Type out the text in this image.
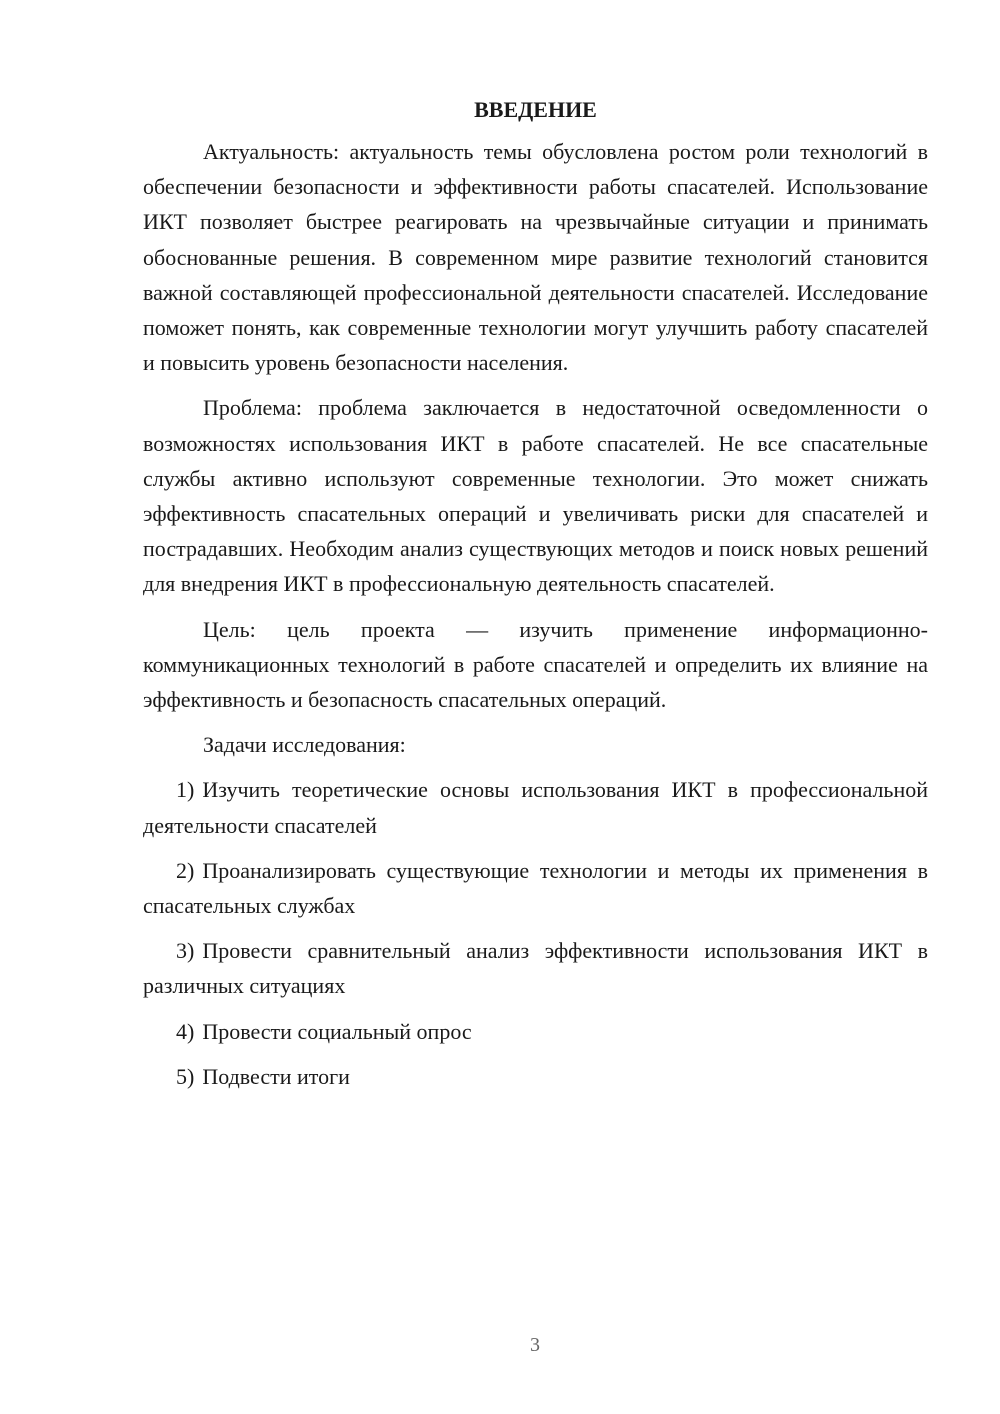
ВВЕДЕНИЕ

Актуальность: актуальность темы обусловлена ростом роли технологий в обеспечении безопасности и эффективности работы спасателей. Использование ИКТ позволяет быстрее реагировать на чрезвычайные ситуации и принимать обоснованные решения. В современном мире развитие технологий становится важной составляющей профессиональной деятельности спасателей. Исследование поможет понять, как современные технологии могут улучшить работу спасателей и повысить уровень безопасности населения.

Проблема: проблема заключается в недостаточной осведомленности о возможностях использования ИКТ в работе спасателей. Не все спасательные службы активно используют современные технологии. Это может снижать эффективность спасательных операций и увеличивать риски для спасателей и пострадавших. Необходим анализ существующих методов и поиск новых решений для внедрения ИКТ в профессиональную деятельность спасателей.

Цель: цель проекта — изучить применение информационно-коммуникационных технологий в работе спасателей и определить их влияние на эффективность и безопасность спасательных операций.

Задачи исследования:

1) Изучить теоретические основы использования ИКТ в профессиональной деятельности спасателей

2) Проанализировать существующие технологии и методы их применения в спасательных службах

3) Провести сравнительный анализ эффективности использования ИКТ в различных ситуациях

4) Провести социальный опрос

5) Подвести итоги

3
